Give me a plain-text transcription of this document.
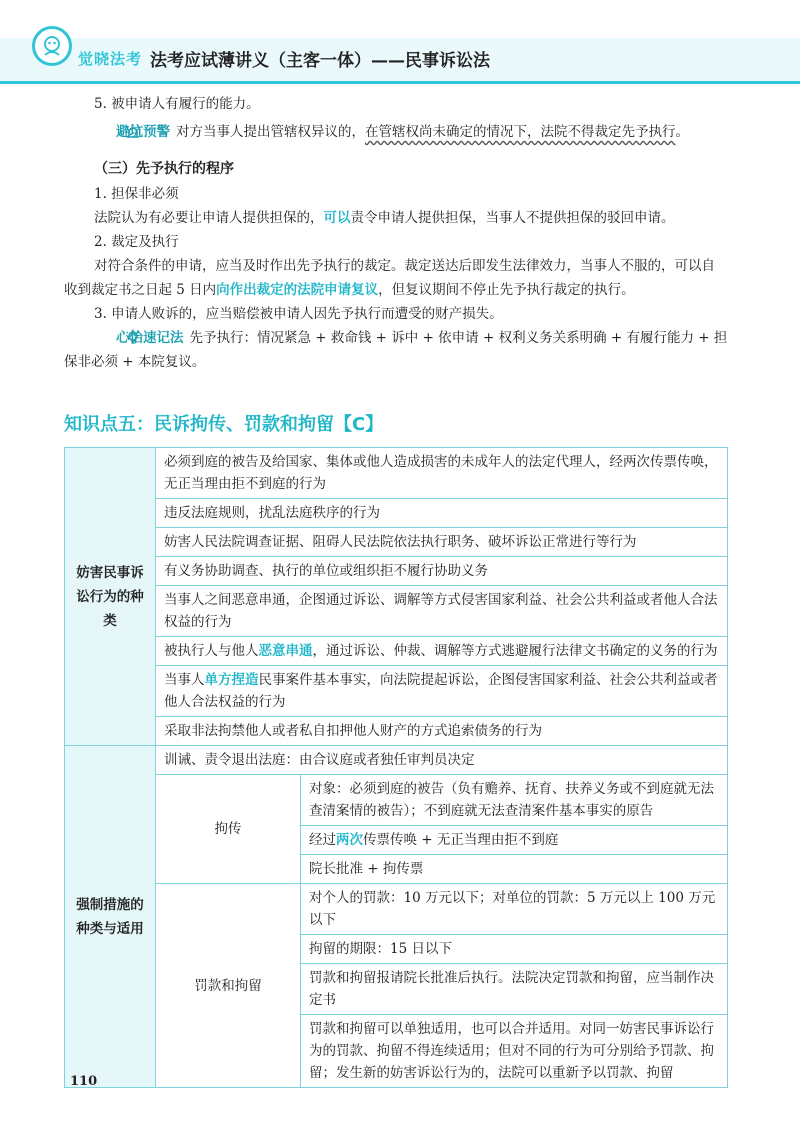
觉晓法考 法考应试薄讲义（主客一体）——民事诉讼法

5. 被申请人有履行的能力。

避坑预警 对方当事人提出管辖权异议的，在管辖权尚未确定的情况下，法院不得裁定先予执行。

（三）先予执行的程序

1. 担保非必须

法院认为有必要让申请人提供担保的，可以责令申请人提供担保，当事人不提供担保的驳回申请。

2. 裁定及执行

对符合条件的申请，应当及时作出先予执行的裁定。裁定送达后即发生法律效力，当事人不服的，可以自收到裁定书之日起 5 日内向作出裁定的法院申请复议，但复议期间不停止先予执行裁定的执行。

3. 申请人败诉的，应当赔偿被申请人因先予执行而遭受的财产损失。

心怡速记法 先予执行：情况紧急 + 救命钱 + 诉中 + 依申请 + 权利义务关系明确 + 有履行能力 + 担保非必须 + 本院复议。

知识点五：民诉拘传、罚款和拘留【C】
妨害民事诉讼行为的种类	必须到庭的被告及给国家、集体或他人造成损害的未成年人的法定代理人，经两次传票传唤，无正当理由拒不到庭的行为	
	违反法庭规则，扰乱法庭秩序的行为	
	妨害人民法院调查证据、阻碍人民法院依法执行职务、破坏诉讼正常进行等行为	
	有义务协助调查、执行的单位或组织拒不履行协助义务	
	当事人之间恶意串通，企图通过诉讼、调解等方式侵害国家利益、社会公共利益或者他人合法权益的行为	
	被执行人与他人恶意串通，通过诉讼、仲裁、调解等方式逃避履行法律文书确定的义务的行为	
	当事人单方捏造民事案件基本事实，向法院提起诉讼，企图侵害国家利益、社会公共利益或者他人合法权益的行为	
	采取非法拘禁他人或者私自扣押他人财产的方式追索债务的行为	
强制措施的种类与适用	训诫、责令退出法庭：由合议庭或者独任审判员决定	
	拘传	对象：必须到庭的被告（负有赡养、抚育、扶养义务或不到庭就无法查清案情的被告）；不到庭就无法查清案件基本事实的原告
		经过两次传票传唤 + 无正当理由拒不到庭
		院长批准 + 拘传票
	罚款和拘留	对个人的罚款：10 万元以下；对单位的罚款：5 万元以上 100 万元以下
		拘留的期限：15 日以下
		罚款和拘留报请院长批准后执行。法院决定罚款和拘留，应当制作决定书
		罚款和拘留可以单独适用，也可以合并适用。对同一妨害民事诉讼行为的罚款、拘留不得连续适用；但对不同的行为可分别给予罚款、拘留；发生新的妨害诉讼行为的，法院可以重新予以罚款、拘留
110
